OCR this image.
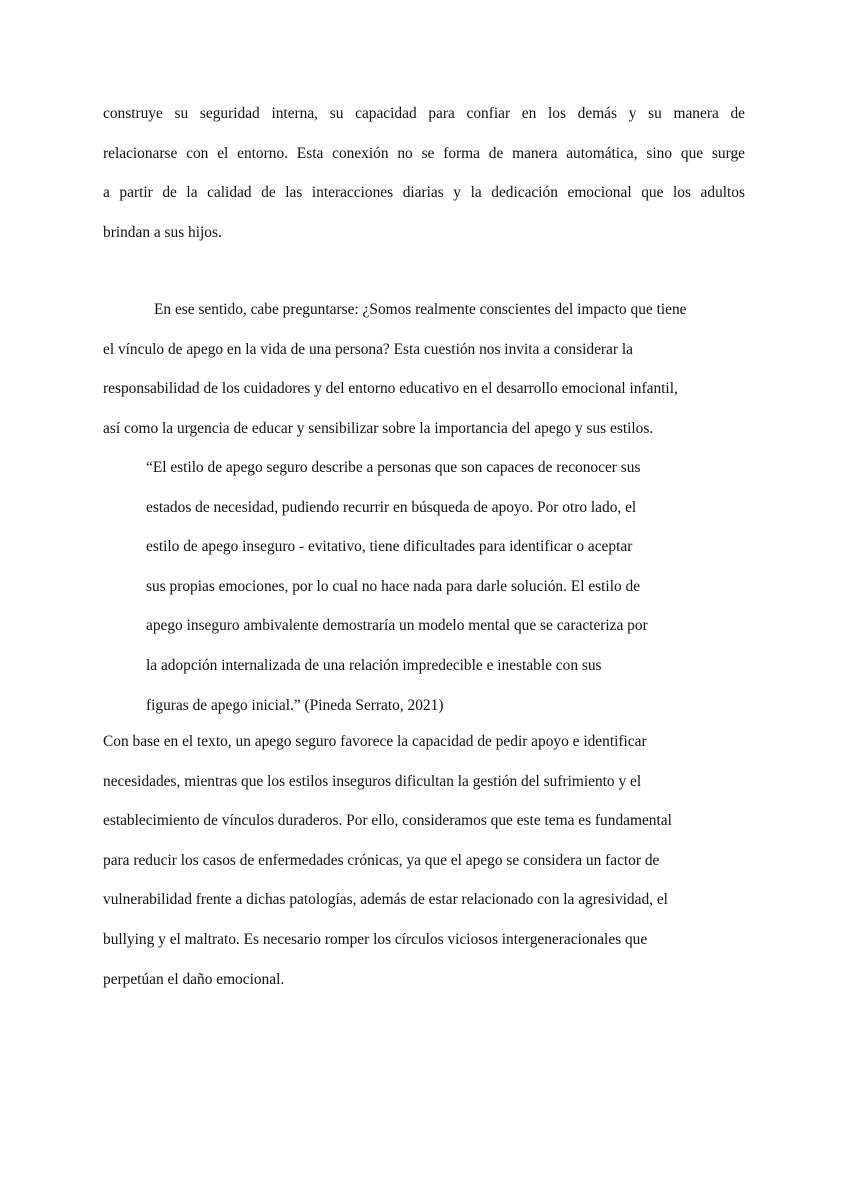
construye su seguridad interna, su capacidad para confiar en los demás y su manera de
relacionarse con el entorno. Esta conexión no se forma de manera automática, sino que surge
a partir de la calidad de las interacciones diarias y la dedicación emocional que los adultos
brindan a sus hijos.
En ese sentido, cabe preguntarse: ¿Somos realmente conscientes del impacto que tiene
el vínculo de apego en la vida de una persona? Esta cuestión nos invita a considerar la
responsabilidad de los cuidadores y del entorno educativo en el desarrollo emocional infantil,
así como la urgencia de educar y sensibilizar sobre la importancia del apego y sus estilos.
“El estilo de apego seguro describe a personas que son capaces de reconocer sus
estados de necesidad, pudiendo recurrir en búsqueda de apoyo. Por otro lado, el
estilo de apego inseguro - evitativo, tiene dificultades para identificar o aceptar
sus propias emociones, por lo cual no hace nada para darle solución. El estilo de
apego inseguro ambivalente demostraría un modelo mental que se caracteriza por
la adopción internalizada de una relación impredecible e inestable con sus
figuras de apego inicial.” (Pineda Serrato, 2021)
Con base en el texto, un apego seguro favorece la capacidad de pedir apoyo e identificar
necesidades, mientras que los estilos inseguros dificultan la gestión del sufrimiento y el
establecimiento de vínculos duraderos. Por ello, consideramos que este tema es fundamental
para reducir los casos de enfermedades crónicas, ya que el apego se considera un factor de
vulnerabilidad frente a dichas patologías, además de estar relacionado con la agresividad, el
bullying y el maltrato. Es necesario romper los círculos viciosos intergeneracionales que
perpetúan el daño emocional.
